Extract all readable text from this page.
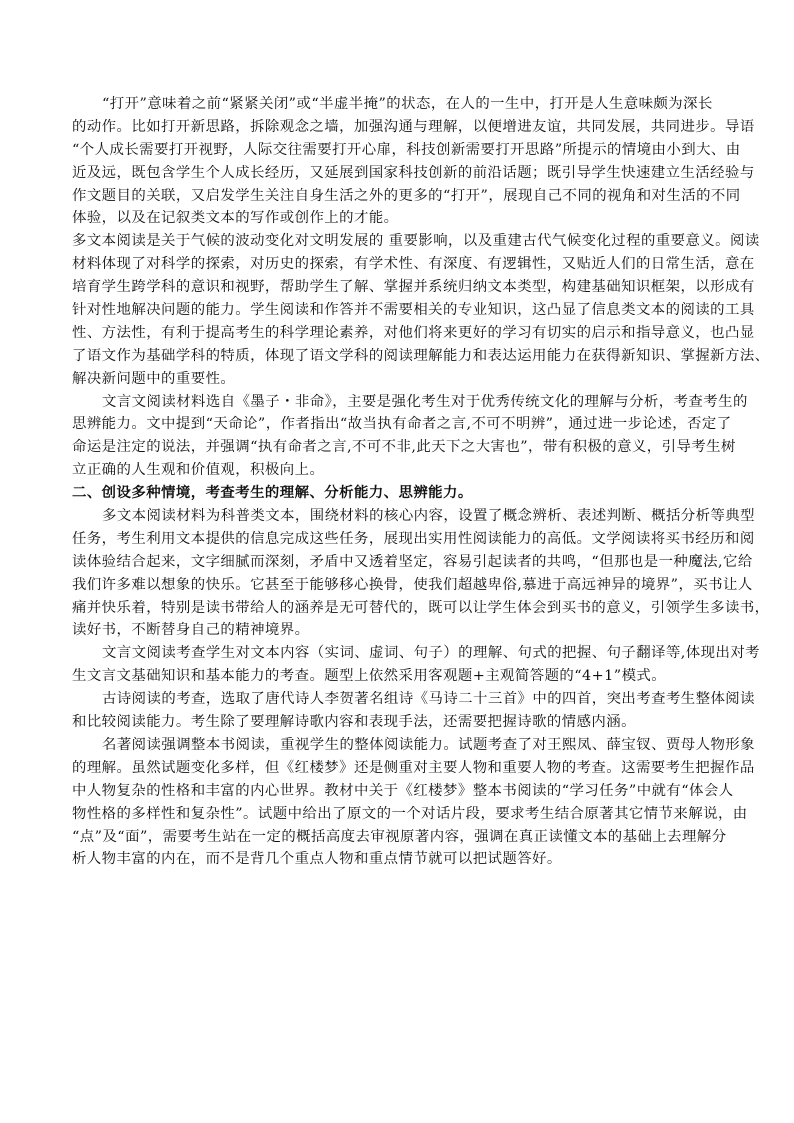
“打开”意味着之前“紧紧关闭”或“半虚半掩”的状态，在人的一生中，打开是人生意味颇为深长
的动作。比如打开新思路，拆除观念之墙，加强沟通与理解，以便增进友谊，共同发展，共同进步。导语
“个人成长需要打开视野，人际交往需要打开心扉，科技创新需要打开思路”所提示的情境由小到大、由
近及远，既包含学生个人成长经历，又延展到国家科技创新的前沿话题；既引导学生快速建立生活经验与
作文题目的关联，又启发学生关注自身生活之外的更多的“打开”，展现自己不同的视角和对生活的不同
体验，以及在记叙类文本的写作或创作上的才能。
多文本阅读是关于气候的波动变化对文明发展的 重要影响，以及重建古代气候变化过程的重要意义。阅读
材料体现了对科学的探索，对历史的探索，有学术性、有深度、有逻辑性，又贴近人们的日常生活，意在
培育学生跨学科的意识和视野，帮助学生了解、掌握并系统归纳文本类型，构建基础知识框架，以形成有
针对性地解决问题的能力。学生阅读和作答并不需要相关的专业知识，这凸显了信息类文本的阅读的工具
性、方法性，有利于提高考生的科学理论素养，对他们将来更好的学习有切实的启示和指导意义，也凸显
了语文作为基础学科的特质，体现了语文学科的阅读理解能力和表达运用能力在获得新知识、掌握新方法、
解决新问题中的重要性。
文言文阅读材料选自《墨子・非命》，主要是强化考生对于优秀传统文化的理解与分析，考查考生的
思辨能力。文中提到“天命论”，作者指出“故当执有命者之言,不可不明辨”，通过进一步论述，否定了
命运是注定的说法，并强调“执有命者之言,不可不非,此天下之大害也”，带有积极的意义，引导考生树
立正确的人生观和价值观，积极向上。
二、创设多种情境，考查考生的理解、分析能力、思辨能力。
多文本阅读材料为科普类文本，围绕材料的核心内容，设置了概念辨析、表述判断、概括分析等典型
任务，考生利用文本提供的信息完成这些任务，展现出实用性阅读能力的高低。文学阅读将买书经历和阅
读体验结合起来，文字细腻而深刻，矛盾中又透着坚定，容易引起读者的共鸣，“但那也是一种魔法,它给
我们许多难以想象的快乐。它甚至于能够移心换骨，使我们超越卑俗,慕进于高远神异的境界”，买书让人
痛并快乐着，特别是读书带给人的涵养是无可替代的，既可以让学生体会到买书的意义，引领学生多读书，
读好书，不断替身自己的精神境界。
文言文阅读考查学生对文本内容（实词、虚词、句子）的理解、句式的把握、句子翻译等,体现出对考
生文言文基础知识和基本能力的考查。题型上依然采用客观题+主观简答题的“4+1”模式。
古诗阅读的考查，选取了唐代诗人李贺著名组诗《马诗二十三首》中的四首，突出考查考生整体阅读
和比较阅读能力。考生除了要理解诗歌内容和表现手法，还需要把握诗歌的情感内涵。
名著阅读强调整本书阅读，重视学生的整体阅读能力。试题考查了对王熙凤、薛宝钗、贾母人物形象
的理解。虽然试题变化多样，但《红楼梦》还是侧重对主要人物和重要人物的考查。这需要考生把握作品
中人物复杂的性格和丰富的内心世界。教材中关于《红楼梦》整本书阅读的“学习任务”中就有“体会人
物性格的多样性和复杂性”。试题中给出了原文的一个对话片段，要求考生结合原著其它情节来解说，由
“点”及“面”，需要考生站在一定的概括高度去审视原著内容，强调在真正读懂文本的基础上去理解分
析人物丰富的内在，而不是背几个重点人物和重点情节就可以把试题答好。
